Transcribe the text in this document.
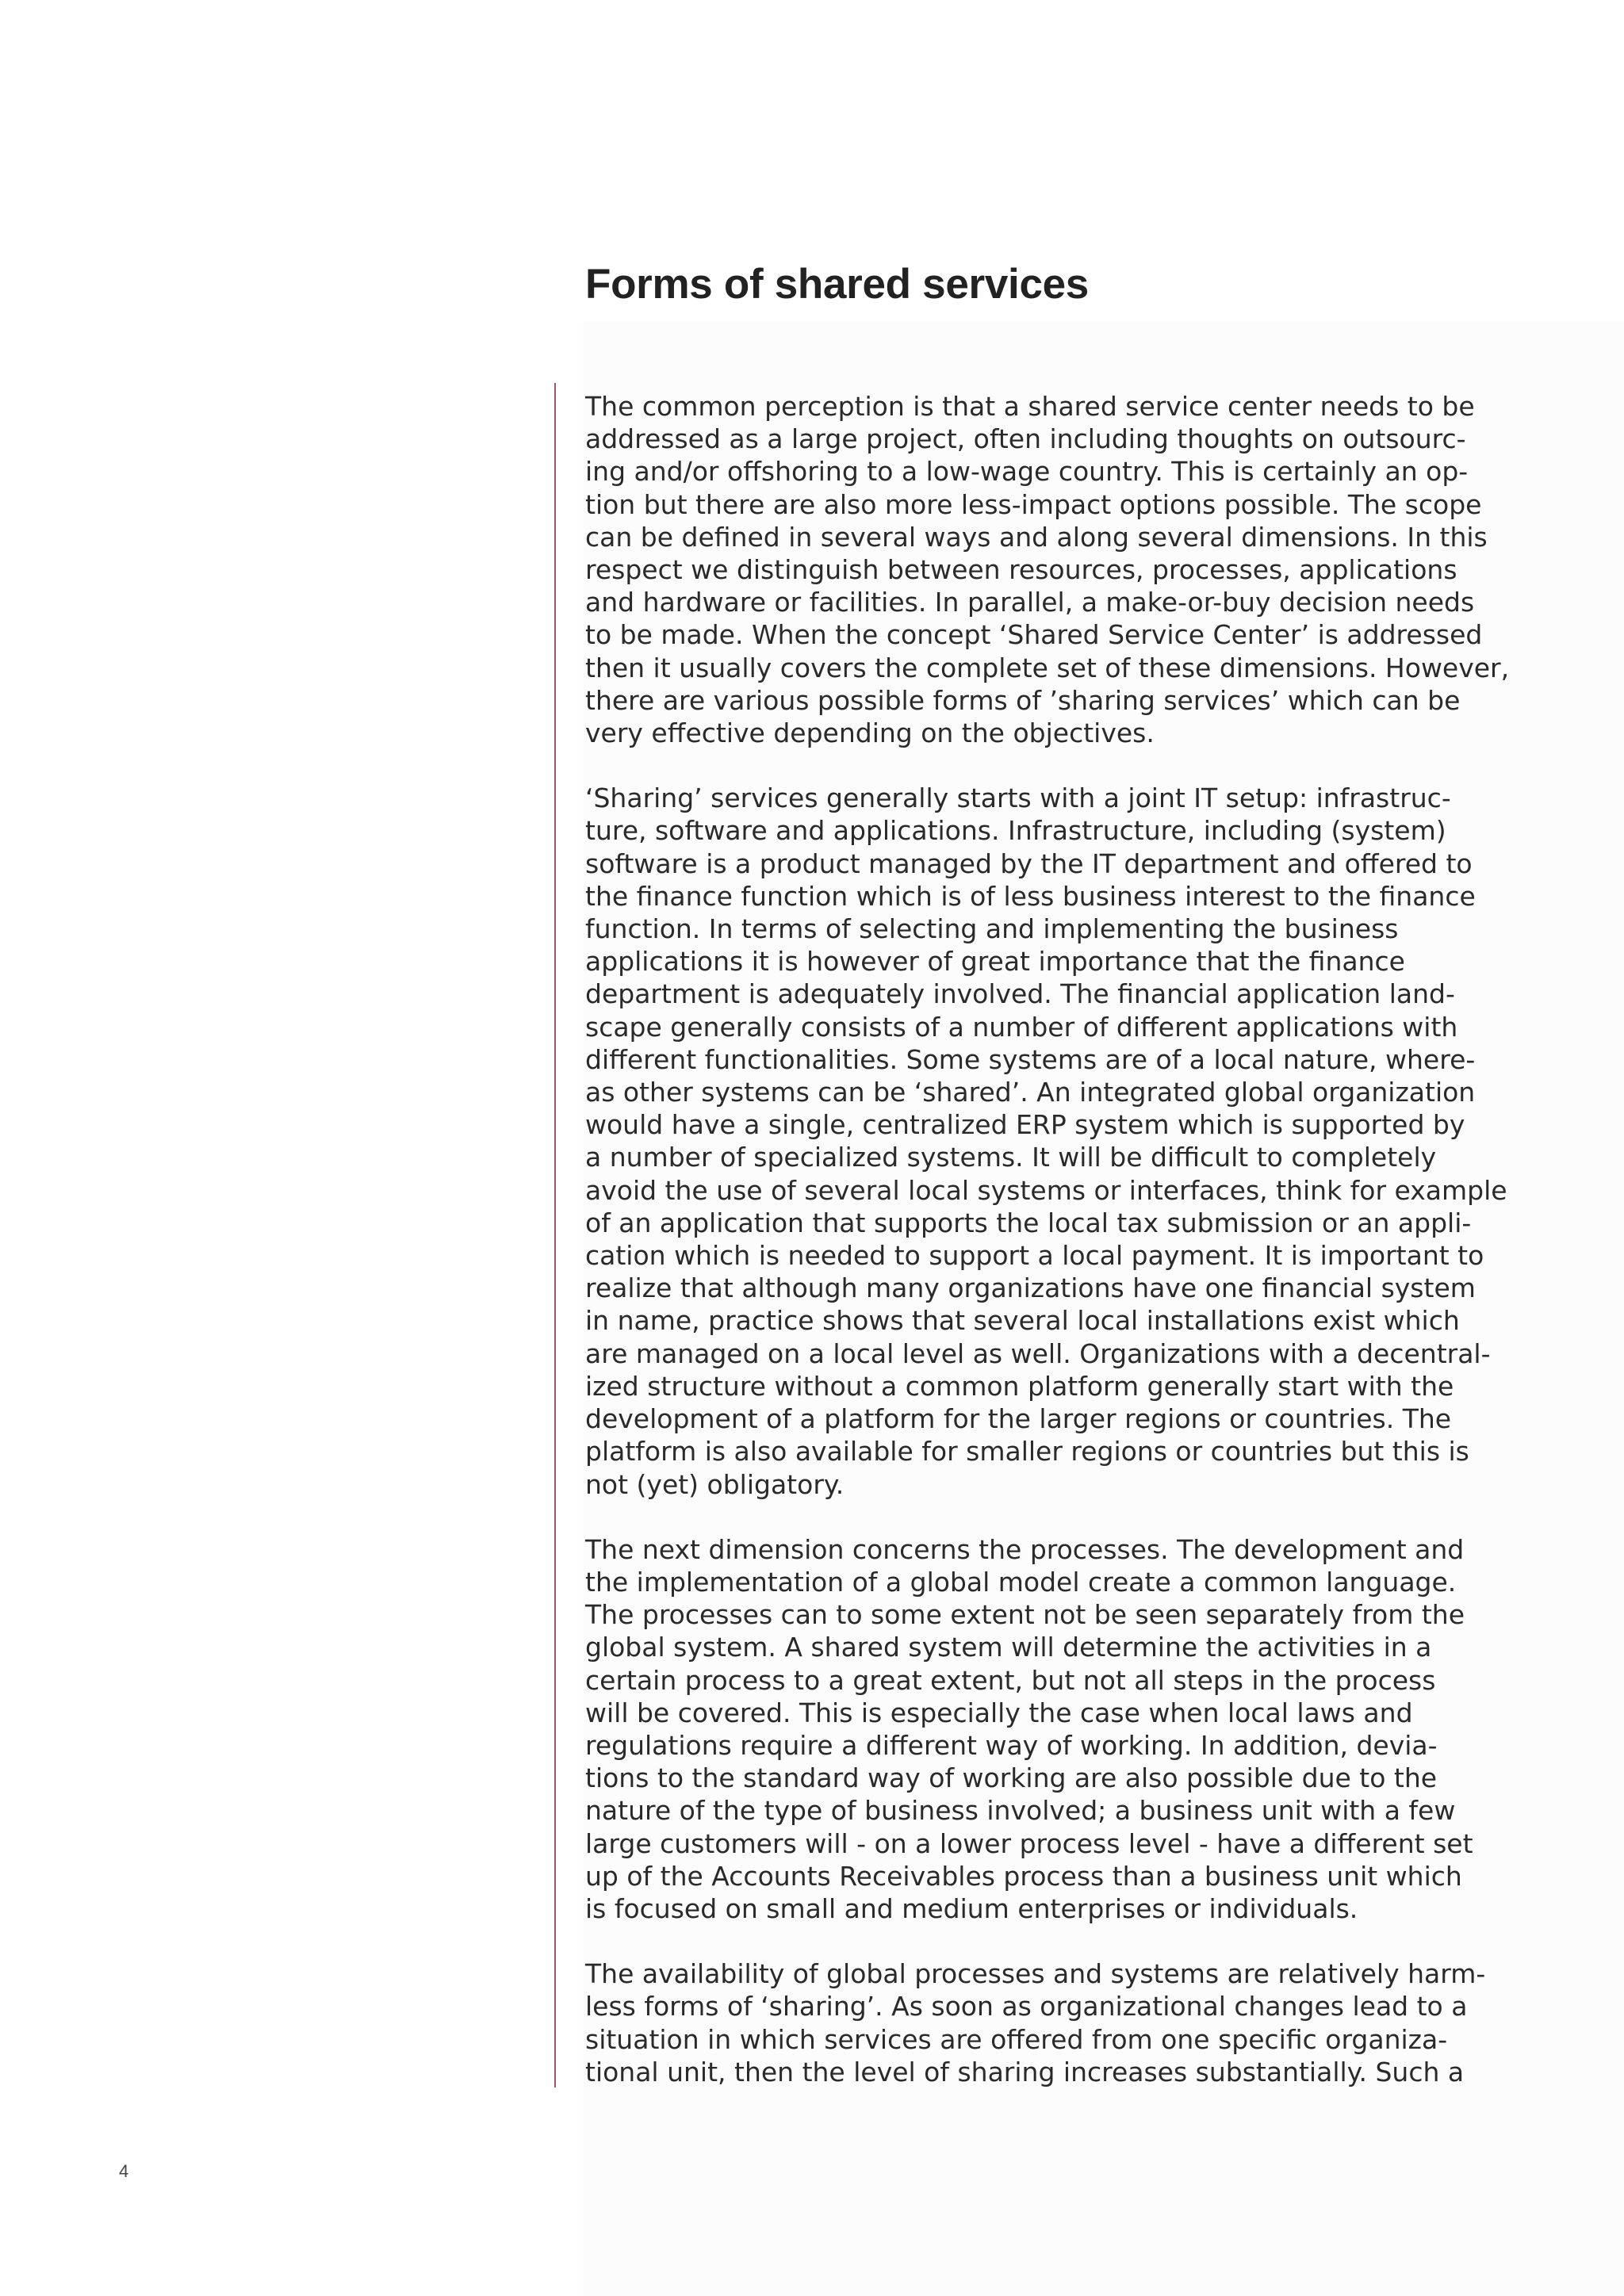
Forms of shared services

The common perception is that a shared service center needs to be
addressed as a large project, often including thoughts on outsourc-
ing and/or offshoring to a low-wage country. This is certainly an op-
tion but there are also more less-impact options possible. The scope
can be defined in several ways and along several dimensions. In this
respect we distinguish between resources, processes, applications
and hardware or facilities. In parallel, a make-or-buy decision needs
to be made. When the concept ‘Shared Service Center’ is addressed
then it usually covers the complete set of these dimensions. However,
there are various possible forms of ’sharing services’ which can be
very effective depending on the objectives.

‘Sharing’ services generally starts with a joint IT setup: infrastruc-
ture, software and applications. Infrastructure, including (system)
software is a product managed by the IT department and offered to
the finance function which is of less business interest to the finance
function. In terms of selecting and implementing the business
applications it is however of great importance that the finance
department is adequately involved. The financial application land-
scape generally consists of a number of different applications with
different functionalities. Some systems are of a local nature, where-
as other systems can be ‘shared’. An integrated global organization
would have a single, centralized ERP system which is supported by
a number of specialized systems. It will be difficult to completely
avoid the use of several local systems or interfaces, think for example
of an application that supports the local tax submission or an appli-
cation which is needed to support a local payment. It is important to
realize that although many organizations have one financial system
in name, practice shows that several local installations exist which
are managed on a local level as well. Organizations with a decentral-
ized structure without a common platform generally start with the
development of a platform for the larger regions or countries. The
platform is also available for smaller regions or countries but this is
not (yet) obligatory.

The next dimension concerns the processes. The development and
the implementation of a global model create a common language.
The processes can to some extent not be seen separately from the
global system. A shared system will determine the activities in a
certain process to a great extent, but not all steps in the process
will be covered. This is especially the case when local laws and
regulations require a different way of working. In addition, devia-
tions to the standard way of working are also possible due to the
nature of the type of business involved; a business unit with a few
large customers will - on a lower process level - have a different set
up of the Accounts Receivables process than a business unit which
is focused on small and medium enterprises or individuals.

The availability of global processes and systems are relatively harm-
less forms of ‘sharing’. As soon as organizational changes lead to a
situation in which services are offered from one specific organiza-
tional unit, then the level of sharing increases substantially. Such a

4
